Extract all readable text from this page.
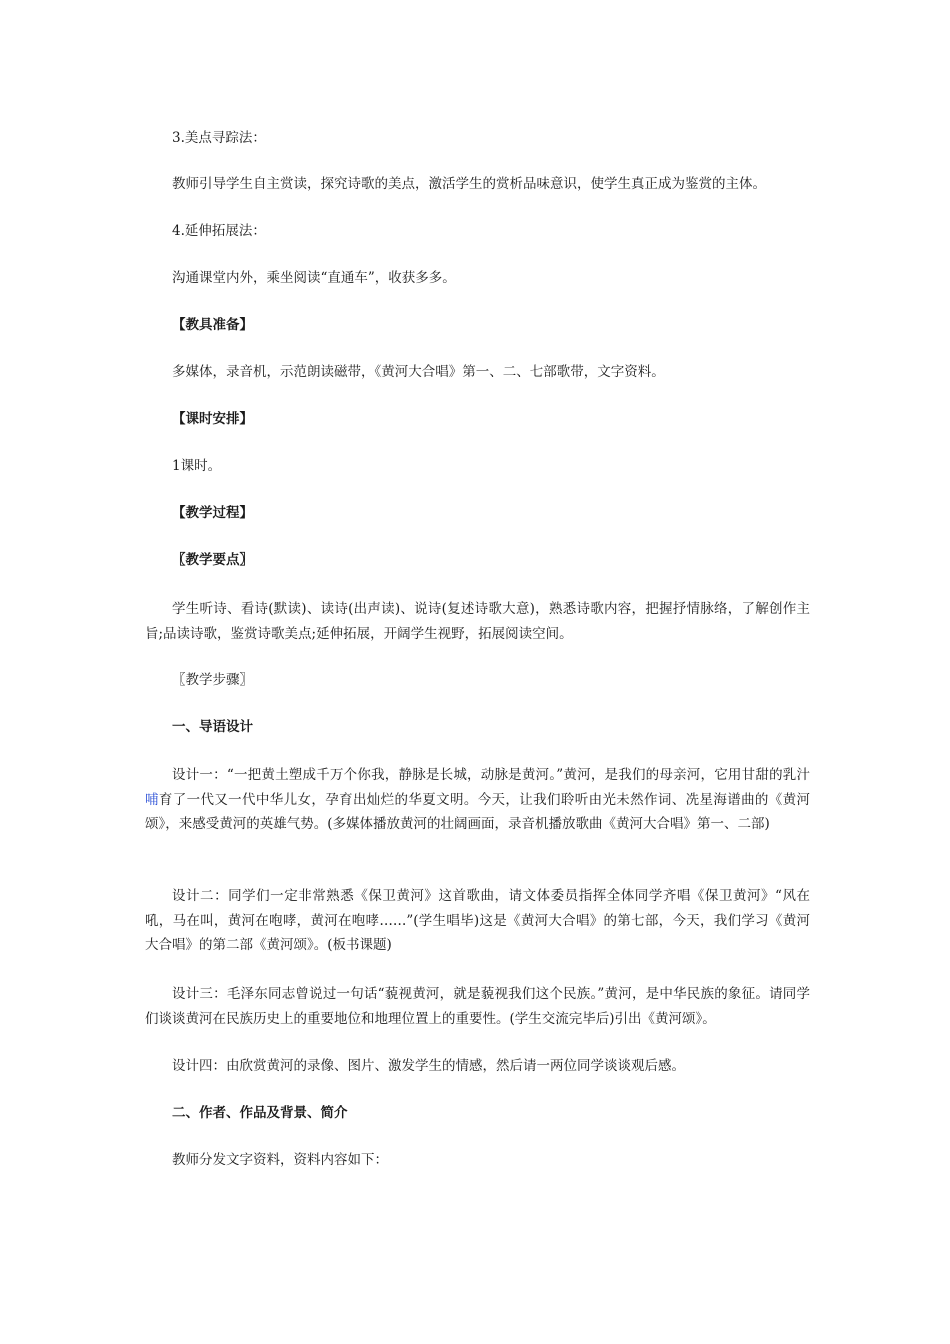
3.美点寻踪法：
教师引导学生自主赏读，探究诗歌的美点，激活学生的赏析品味意识，使学生真正成为鉴赏的主体。
4.延伸拓展法：
沟通课堂内外，乘坐阅读“直通车”，收获多多。
【教具准备】
多媒体，录音机，示范朗读磁带，《黄河大合唱》第一、二、七部歌带，文字资料。
【课时安排】
1课时。
【教学过程】
〖教学要点〗
学生听诗、看诗(默读)、读诗(出声读)、说诗(复述诗歌大意)，熟悉诗歌内容，把握抒情脉络，了解创作主旨;品读诗歌，鉴赏诗歌美点;延伸拓展，开阔学生视野，拓展阅读空间。
〖教学步骤〗
一、导语设计
设计一：“一把黄土塑成千万个你我，静脉是长城，动脉是黄河。”黄河，是我们的母亲河，它用甘甜的乳汁哺育了一代又一代中华儿女，孕育出灿烂的华夏文明。今天，让我们聆听由光未然作词、冼星海谱曲的《黄河颂》，来感受黄河的英雄气势。(多媒体播放黄河的壮阔画面，录音机播放歌曲《黄河大合唱》第一、二部)
设计二：同学们一定非常熟悉《保卫黄河》这首歌曲，请文体委员指挥全体同学齐唱《保卫黄河》“风在吼，马在叫，黄河在咆哮，黄河在咆哮……”(学生唱毕)这是《黄河大合唱》的第七部，今天，我们学习《黄河大合唱》的第二部《黄河颂》。(板书课题)
设计三：毛泽东同志曾说过一句话“藐视黄河，就是藐视我们这个民族。”黄河，是中华民族的象征。请同学们谈谈黄河在民族历史上的重要地位和地理位置上的重要性。(学生交流完毕后)引出《黄河颂》。
设计四：由欣赏黄河的录像、图片、激发学生的情感，然后请一两位同学谈谈观后感。
二、作者、作品及背景、简介
教师分发文字资料，资料内容如下：
